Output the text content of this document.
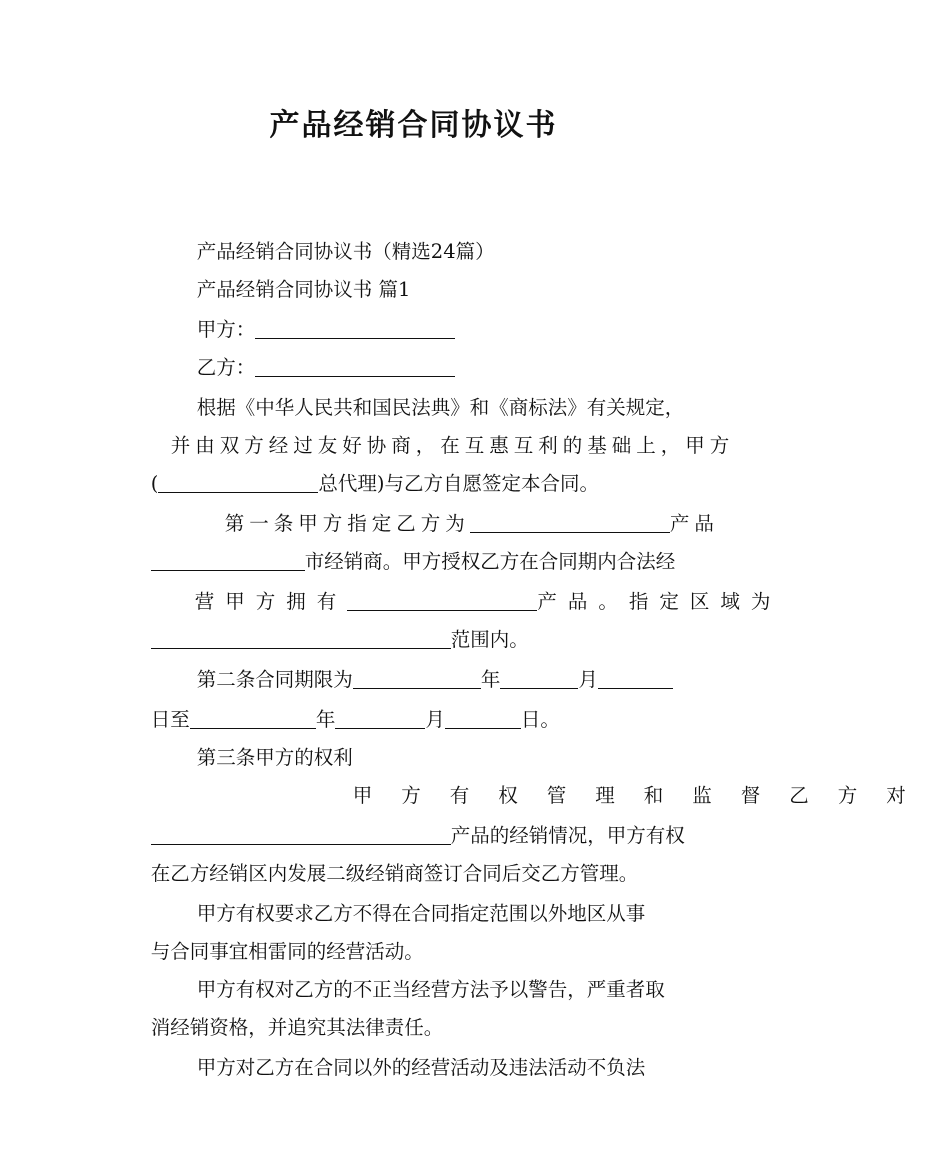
产品经销合同协议书

产品经销合同协议书（精选24篇）

产品经销合同协议书 篇1

甲方：

乙方：

根据《中华人民共和国民法典》和《商标法》有关规定，

并由双方经过友好协商，在互惠互利的基础上，甲方

(	总代理)与乙方自愿签定本合同。

第一条甲方指定乙方为	产品

市经销商。甲方授权乙方在合同期内合法经

营甲方拥有	产品。指定区域为

范围内。

第二条合同期限为	年	月

日至	年	月	日。

第三条甲方的权利

甲方有权管理和监督乙方对

产品的经销情况，甲方有权

在乙方经销区内发展二级经销商签订合同后交乙方管理。

甲方有权要求乙方不得在合同指定范围以外地区从事

与合同事宜相雷同的经营活动。

甲方有权对乙方的不正当经营方法予以警告，严重者取

消经销资格，并追究其法律责任。

甲方对乙方在合同以外的经营活动及违法活动不负法
